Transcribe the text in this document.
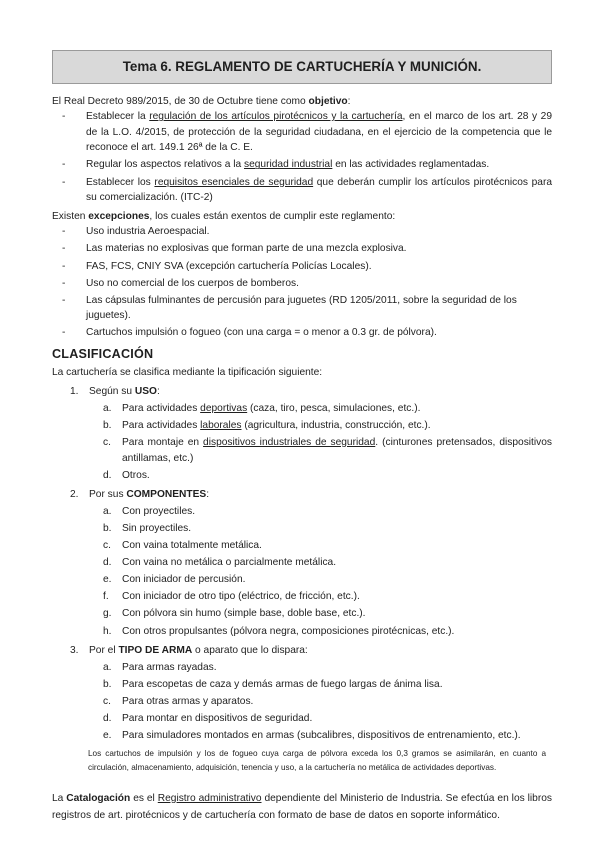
Tema 6. REGLAMENTO DE CARTUCHERÍA Y MUNICIÓN.

El Real Decreto 989/2015, de 30 de Octubre tiene como objetivo:

- Establecer la regulación de los artículos pirotécnicos y la cartuchería, en el marco de los art. 28 y 29 de la L.O. 4/2015, de protección de la seguridad ciudadana, en el ejercicio de la competencia que le reconoce el art. 149.1 26ª de la C. E.
- Regular los aspectos relativos a la seguridad industrial en las actividades reglamentadas.
- Establecer los requisitos esenciales de seguridad que deberán cumplir los artículos pirotécnicos para su comercialización. (ITC-2)

Existen excepciones, los cuales están exentos de cumplir este reglamento:

- Uso industria Aeroespacial.
- Las materias no explosivas que forman parte de una mezcla explosiva.
- FAS, FCS, CNIY SVA (excepción cartuchería Policías Locales).
- Uso no comercial de los cuerpos de bomberos.
- Las cápsulas fulminantes de percusión para juguetes (RD 1205/2011, sobre la seguridad de los juguetes).
- Cartuchos impulsión o fogueo (con una carga = o menor a 0.3 gr. de pólvora).
CLASIFICACIÓN

La cartuchería se clasifica mediante la tipificación siguiente:

1.	Según su USO:
a. Para actividades deportivas (caza, tiro, pesca, simulaciones, etc.).
b. Para actividades laborales (agricultura, industria, construcción, etc.).
c. Para montaje en dispositivos industriales de seguridad. (cinturones pretensados, dispositivos antillamas, etc.)
d. Otros.
2.	Por sus COMPONENTES:
a. Con proyectiles.
b. Sin proyectiles.
c. Con vaina totalmente metálica.
d. Con vaina no metálica o parcialmente metálica.
e. Con iniciador de percusión.
f. Con iniciador de otro tipo (eléctrico, de fricción, etc.).
g. Con pólvora sin humo (simple base, doble base, etc.).
h. Con otros propulsantes (pólvora negra, composiciones pirotécnicas, etc.).
3.	Por el TIPO DE ARMA o aparato que lo dispara:
a. Para armas rayadas.
b. Para escopetas de caza y demás armas de fuego largas de ánima lisa.
c. Para otras armas y aparatos.
d. Para montar en dispositivos de seguridad.
e. Para simuladores montados en armas (subcalibres, dispositivos de entrenamiento, etc.).

Los cartuchos de impulsión y los de fogueo cuya carga de pólvora exceda los 0,3 gramos se asimilarán, en cuanto a circulación, almacenamiento, adquisición, tenencia y uso, a la cartuchería no metálica de actividades deportivas.

La Catalogación es el Registro administrativo dependiente del Ministerio de Industria. Se efectúa en los libros registros de art. pirotécnicos y de cartuchería con formato de base de datos en soporte informático.
